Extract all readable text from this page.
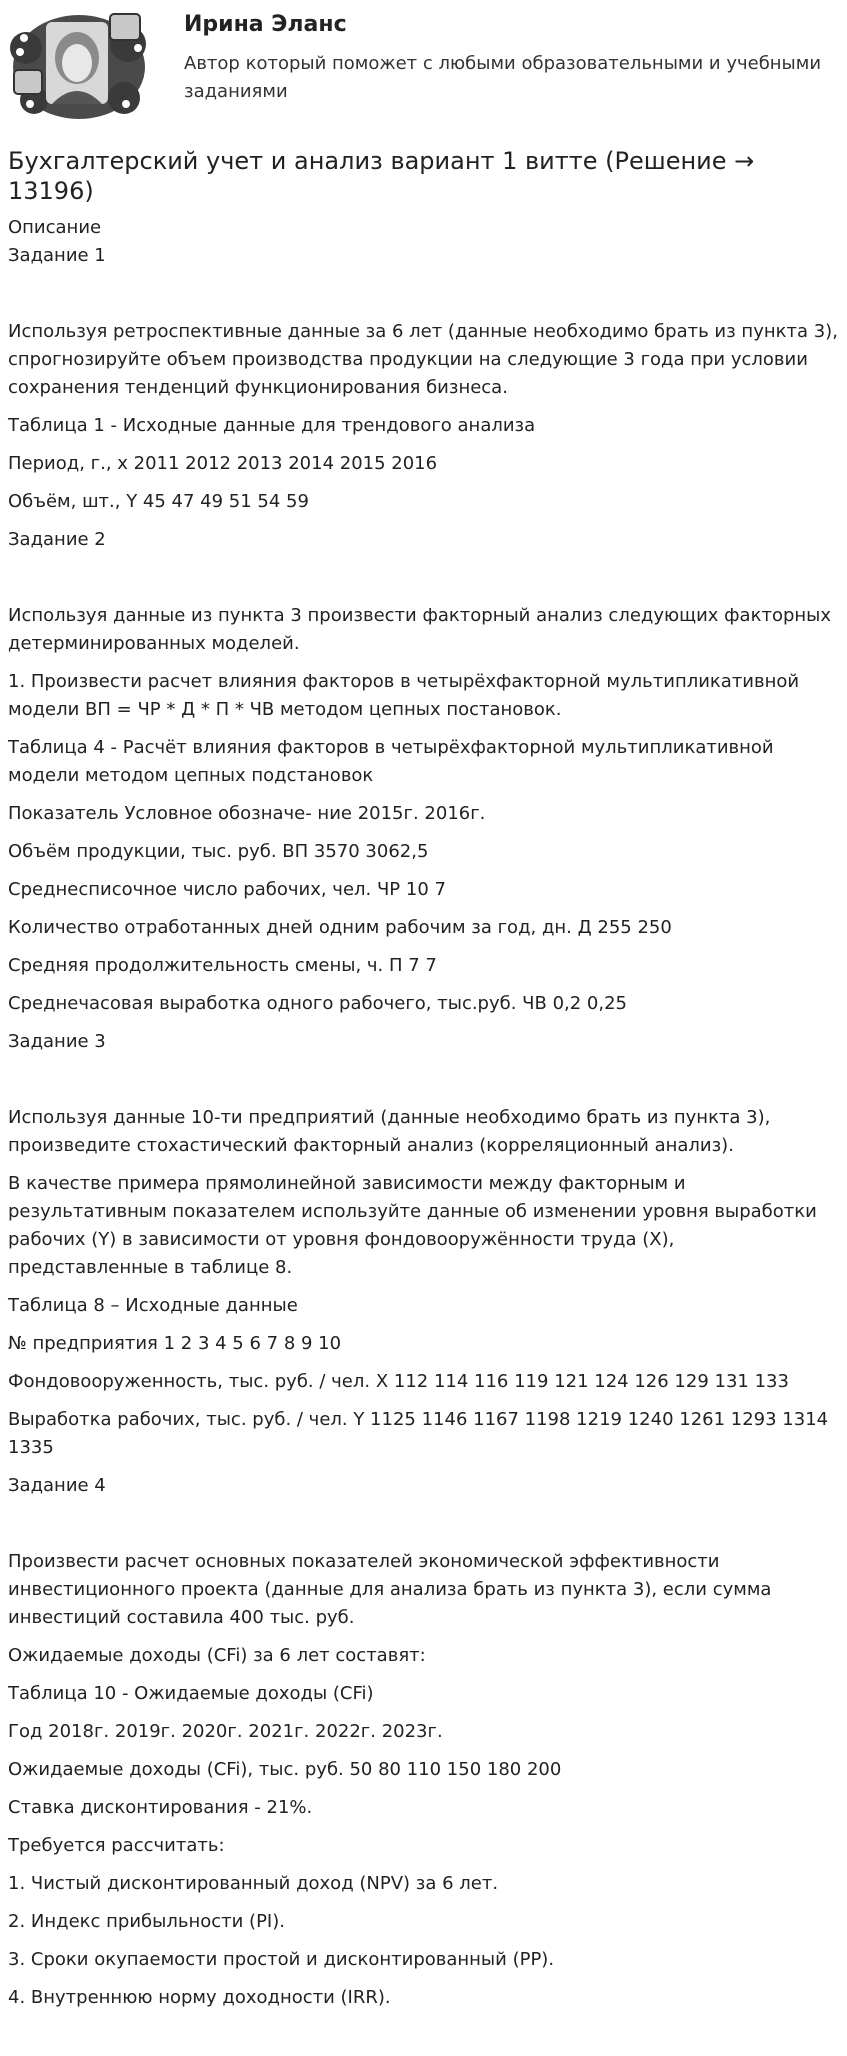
Ирина Эланс
Автор который поможет с любыми образовательными и учебными заданиями
Бухгалтерский учет и анализ вариант 1 витте (Решение → 13196)
Описание
Задание 1

Используя ретроспективные данные за 6 лет (данные необходимо брать из пункта 3), спрогнозируйте объем производства продукции на следующие 3 года при условии сохранения тенденций функционирования бизнеса.

Таблица 1 - Исходные данные для трендового анализа

Период, г., x 2011 2012 2013 2014 2015 2016

Объём, шт., Y 45 47 49 51 54 59

Задание 2

Используя данные из пункта 3 произвести факторный анализ следующих факторных детерминированных моделей.

1. Произвести расчет влияния факторов в четырёхфакторной мультипликативной модели ВП = ЧР * Д * П * ЧВ методом цепных постановок.

Таблица 4 - Расчёт влияния факторов в четырёхфакторной мультипликативной модели методом цепных подстановок

Показатель Условное обозначе- ние 2015г. 2016г.

Объём продукции, тыс. руб. ВП 3570 3062,5

Среднесписочное число рабочих, чел. ЧР 10 7

Количество отработанных дней одним рабочим за год, дн. Д 255 250

Средняя продолжительность смены, ч. П 7 7

Среднечасовая выработка одного рабочего, тыс.руб. ЧВ 0,2 0,25

Задание 3

Используя данные 10-ти предприятий (данные необходимо брать из пункта 3), произведите стохастический факторный анализ (корреляционный анализ).

В качестве примера прямолинейной зависимости между факторным и результативным показателем используйте данные об изменении уровня выработки рабочих (Y) в зависимости от уровня фондовооружённости труда (X), представленные в таблице 8.

Таблица 8 – Исходные данные

№ предприятия 1 2 3 4 5 6 7 8 9 10

Фондовооруженность, тыс. руб. / чел. X 112 114 116 119 121 124 126 129 131 133

Выработка рабочих, тыс. руб. / чел. Y 1125 1146 1167 1198 1219 1240 1261 1293 1314 1335

Задание 4

Произвести расчет основных показателей экономической эффективности инвестиционного проекта (данные для анализа брать из пункта 3), если сумма инвестиций составила 400 тыс. руб.

Ожидаемые доходы (CFi) за 6 лет составят:

Таблица 10 - Ожидаемые доходы (CFi)

Год 2018г. 2019г. 2020г. 2021г. 2022г. 2023г.

Ожидаемые доходы (CFi), тыс. руб. 50 80 110 150 180 200

Ставка дисконтирования - 21%.

Требуется рассчитать:

1. Чистый дисконтированный доход (NPV) за 6 лет.

2. Индекс прибыльности (PI).

3. Сроки окупаемости простой и дисконтированный (PP).

4. Внутреннюю норму доходности (IRR).
